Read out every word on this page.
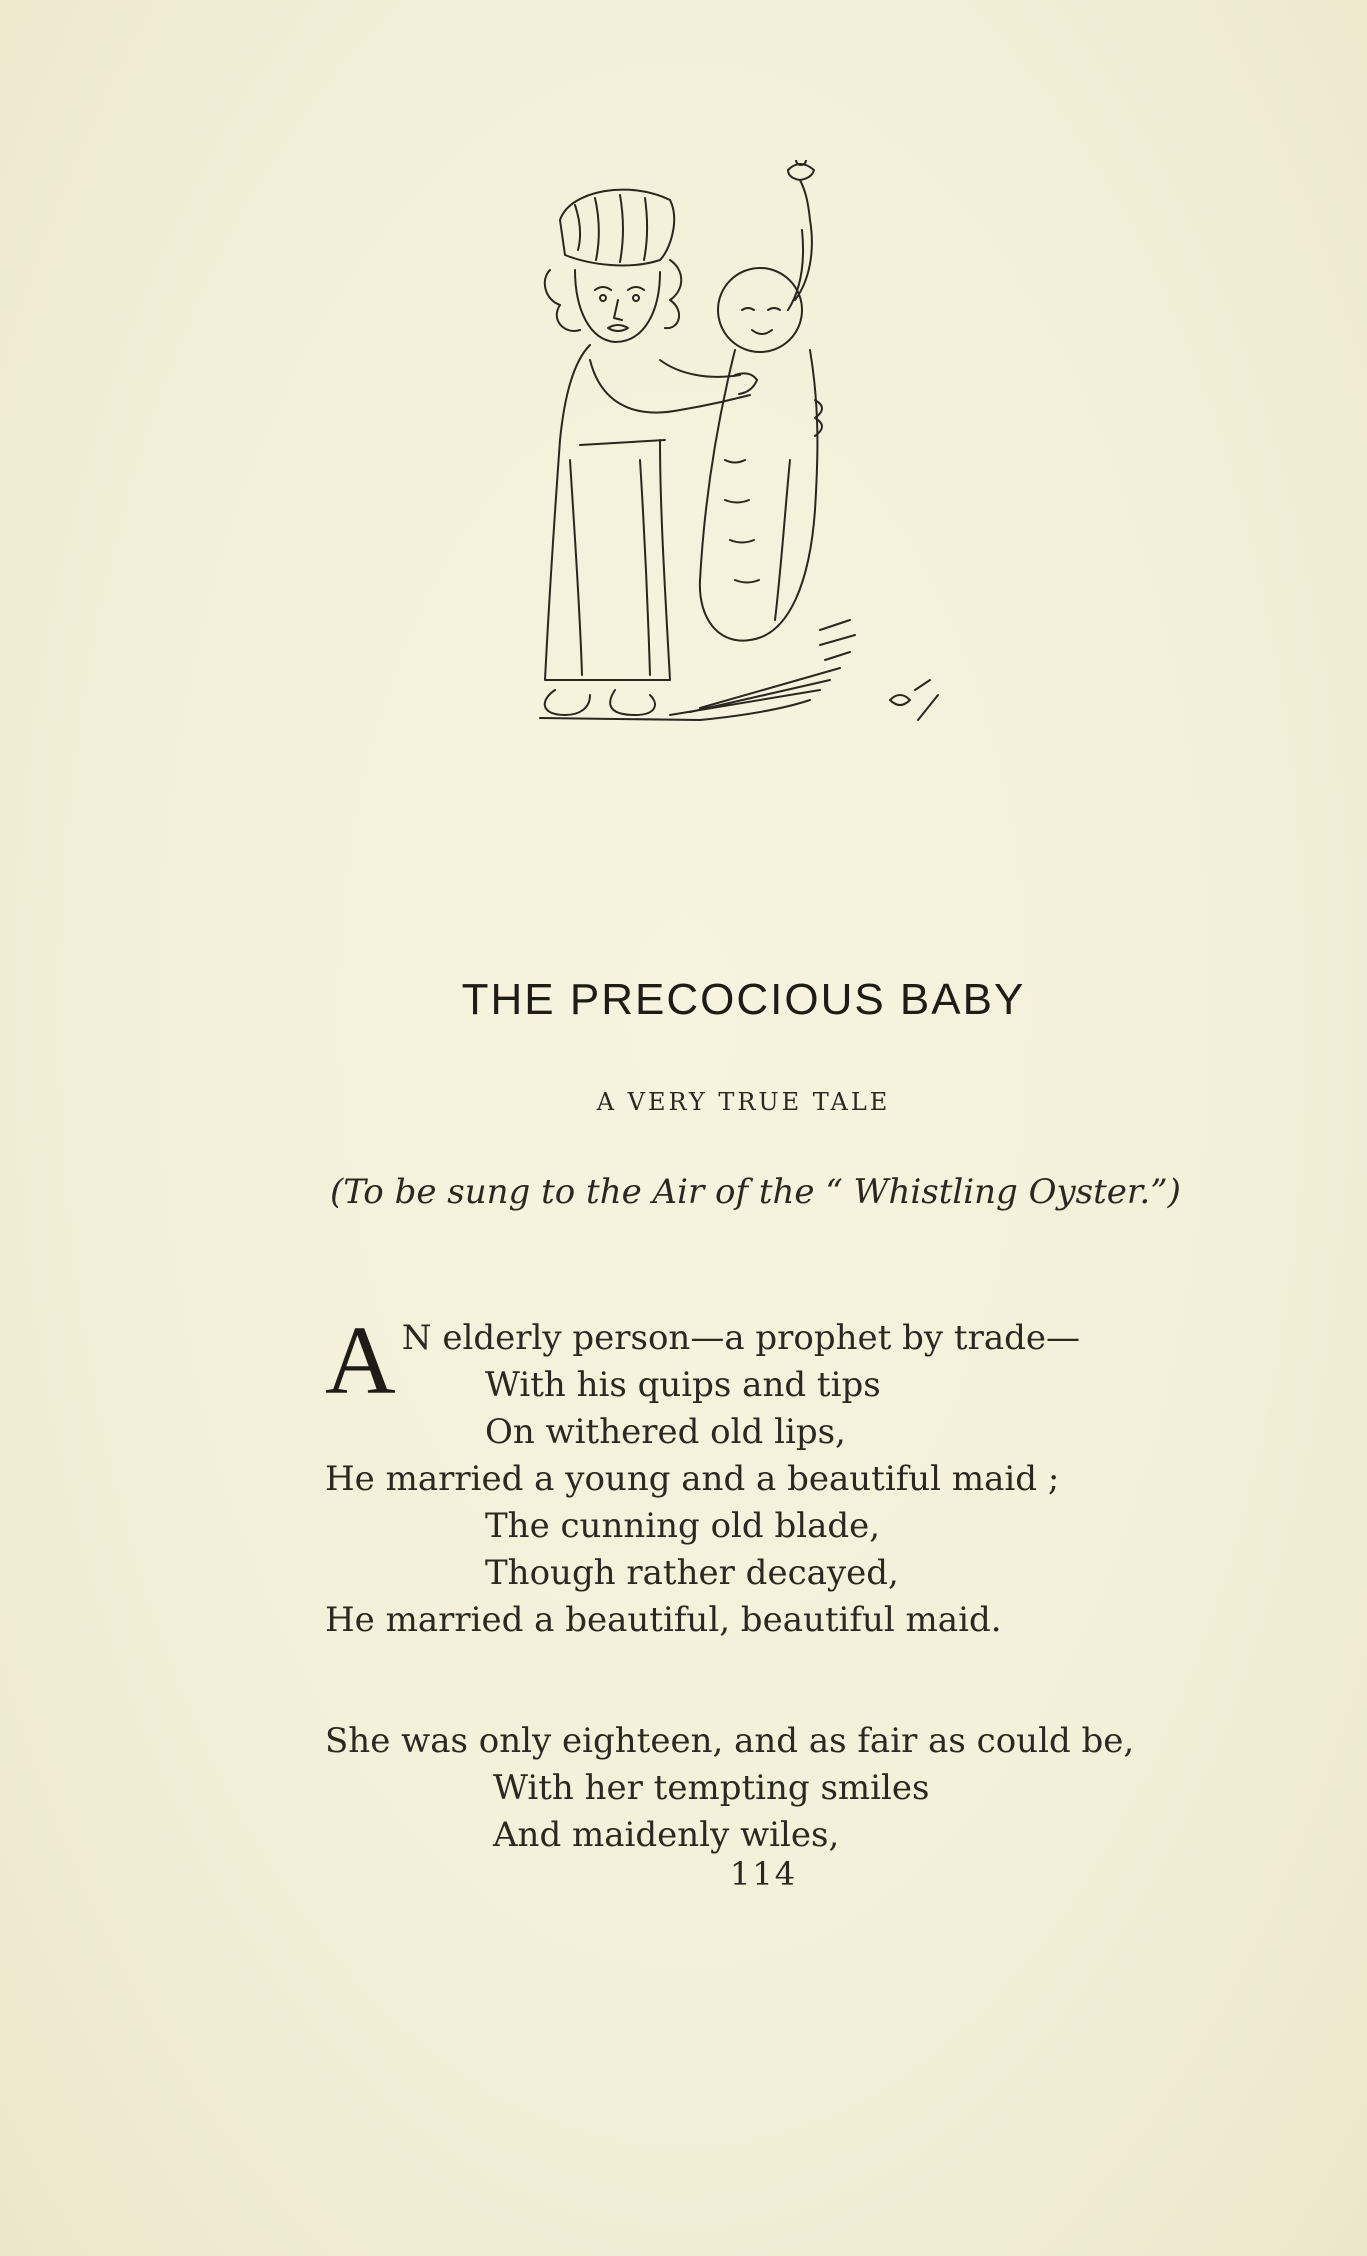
THE PRECOCIOUS BABY
A VERY TRUE TALE
(To be sung to the Air of the “ Whistling Oyster.”)
A N elderly person—a prophet by trade—
With his quips and tips
On withered old lips,
He married a young and a beautiful maid ;
The cunning old blade,
Though rather decayed,
He married a beautiful, beautiful maid.
She was only eighteen, and as fair as could be,
With her tempting smiles
And maidenly wiles,
114
